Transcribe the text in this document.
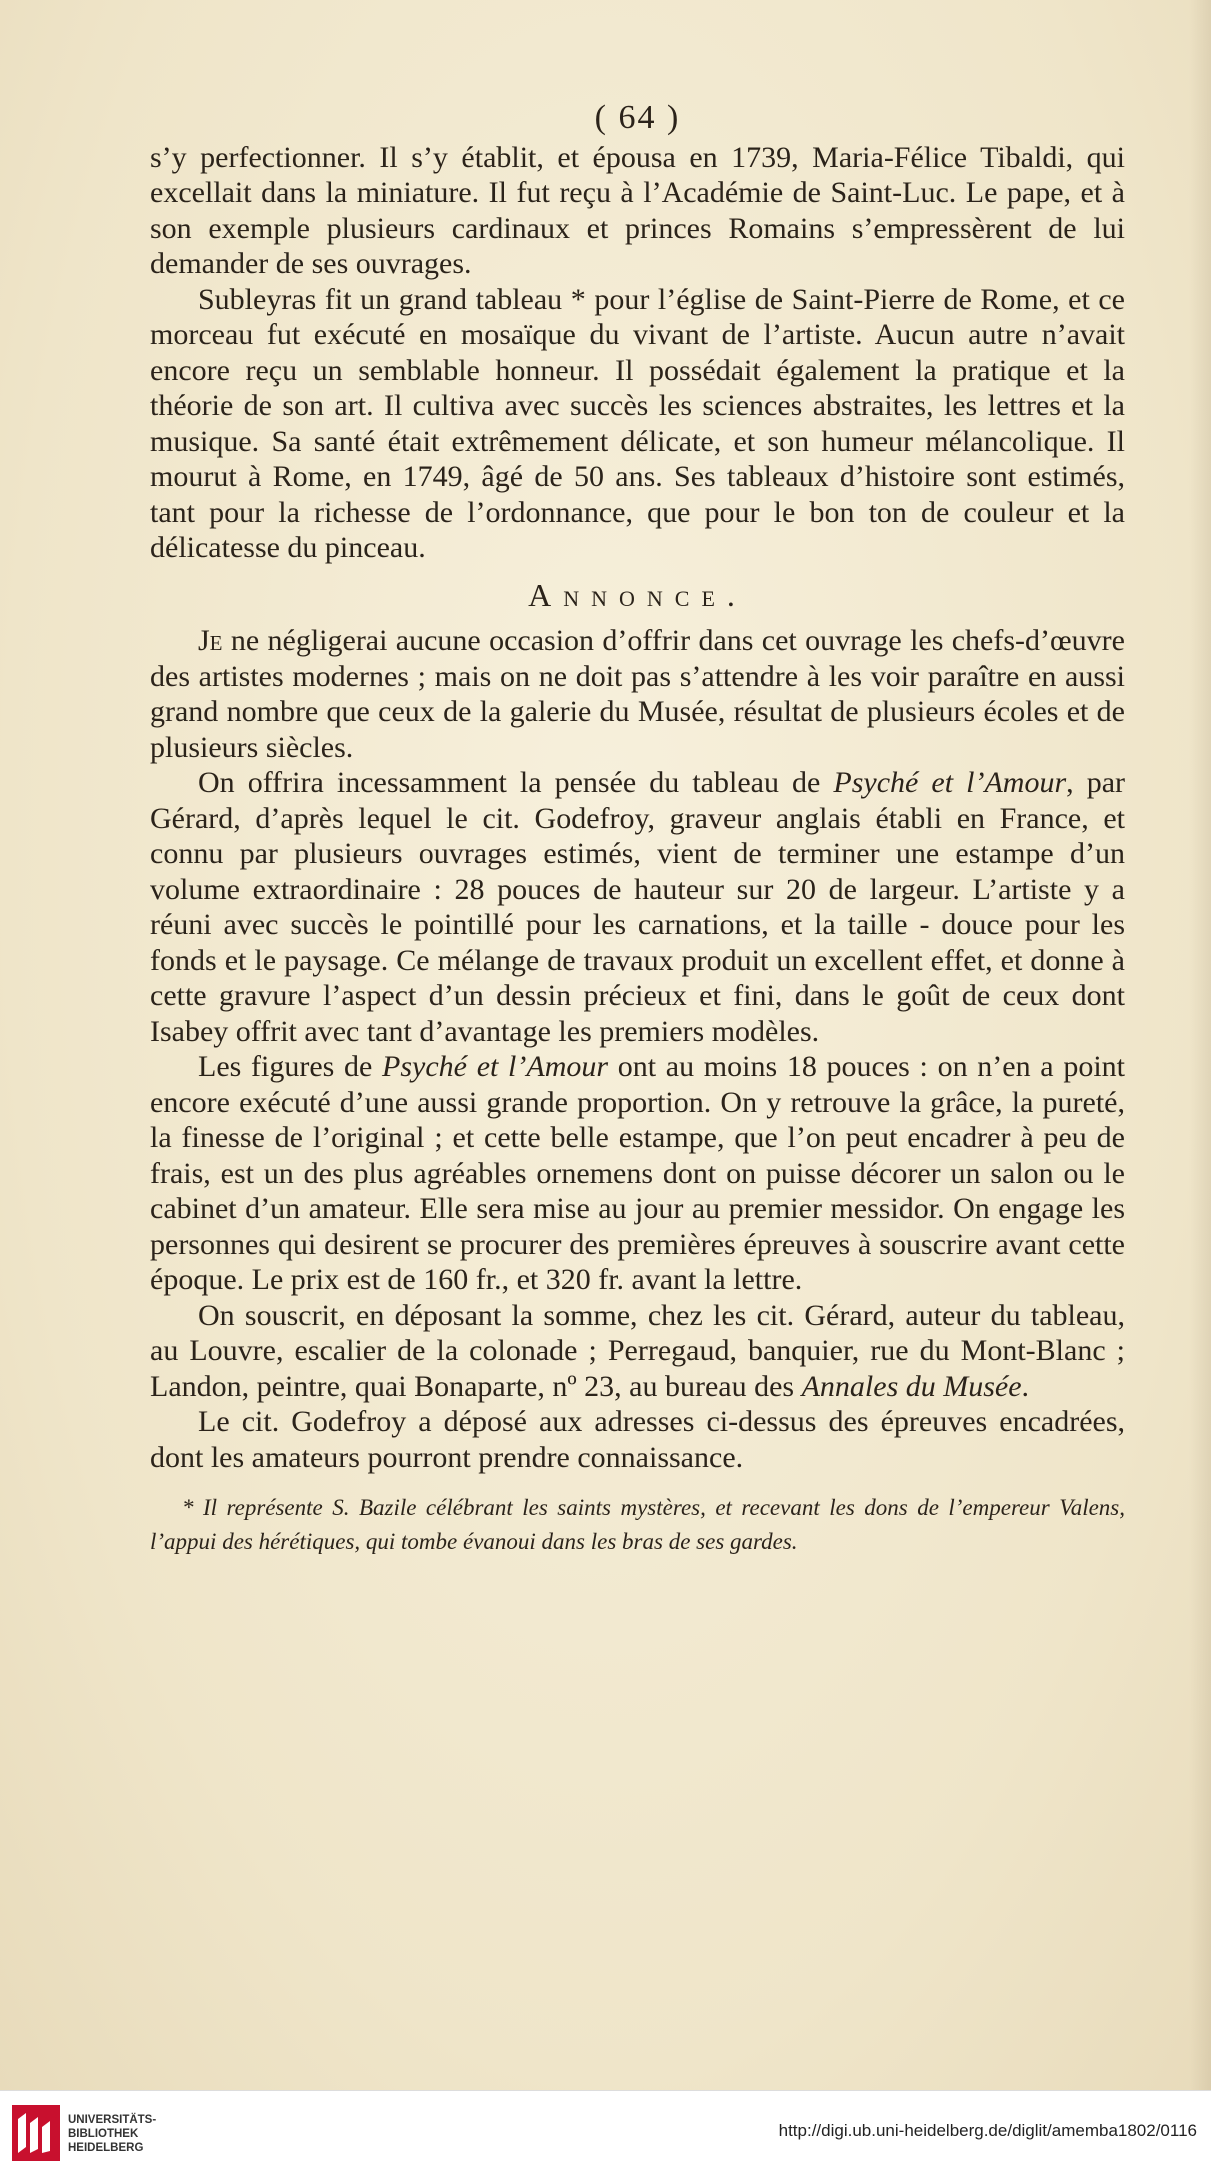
( 64 )

s’y perfectionner. Il s’y établit, et épousa en 1739, Maria-Félice Tibaldi, qui excellait dans la miniature. Il fut reçu à l’Académie de Saint-Luc. Le pape, et à son exemple plusieurs cardinaux et princes Romains s’empressèrent de lui demander de ses ouvrages.

Subleyras fit un grand tableau * pour l’église de Saint-Pierre de Rome, et ce morceau fut exécuté en mosaïque du vivant de l’artiste. Aucun autre n’avait encore reçu un semblable honneur. Il possédait également la pratique et la théorie de son art. Il cultiva avec succès les sciences abstraites, les lettres et la musique. Sa santé était extrêmement délicate, et son humeur mélancolique. Il mourut à Rome, en 1749, âgé de 50 ans. Ses tableaux d’histoire sont estimés, tant pour la richesse de l’ordonnance, que pour le bon ton de couleur et la délicatesse du pinceau.

Annonce.

Je ne négligerai aucune occasion d’offrir dans cet ouvrage les chefs-d’œuvre des artistes modernes ; mais on ne doit pas s’attendre à les voir paraître en aussi grand nombre que ceux de la galerie du Musée, résultat de plusieurs écoles et de plusieurs siècles.

On offrira incessamment la pensée du tableau de Psyché et l’Amour, par Gérard, d’après lequel le cit. Godefroy, graveur anglais établi en France, et connu par plusieurs ouvrages estimés, vient de terminer une estampe d’un volume extraordinaire : 28 pouces de hauteur sur 20 de largeur. L’artiste y a réuni avec succès le pointillé pour les carnations, et la taille - douce pour les fonds et le paysage. Ce mélange de travaux produit un excellent effet, et donne à cette gravure l’aspect d’un dessin précieux et fini, dans le goût de ceux dont Isabey offrit avec tant d’avantage les premiers modèles.

Les figures de Psyché et l’Amour ont au moins 18 pouces : on n’en a point encore exécuté d’une aussi grande proportion. On y retrouve la grâce, la pureté, la finesse de l’original ; et cette belle estampe, que l’on peut encadrer à peu de frais, est un des plus agréables ornemens dont on puisse décorer un salon ou le cabinet d’un amateur. Elle sera mise au jour au premier messidor. On engage les personnes qui desirent se procurer des premières épreuves à souscrire avant cette époque. Le prix est de 160 fr., et 320 fr. avant la lettre.

On souscrit, en déposant la somme, chez les cit. Gérard, auteur du tableau, au Louvre, escalier de la colonade ; Perregaud, banquier, rue du Mont-Blanc ; Landon, peintre, quai Bonaparte, nº 23, au bureau des Annales du Musée.

Le cit. Godefroy a déposé aux adresses ci-dessus des épreuves encadrées, dont les amateurs pourront prendre connaissance.

* Il représente S. Bazile célébrant les saints mystères, et recevant les dons de l’empereur Valens, l’appui des hérétiques, qui tombe évanoui dans les bras de ses gardes.

UNIVERSITÄTS-
BIBLIOTHEK
HEIDELBERG
http://digi.ub.uni-heidelberg.de/diglit/amemba1802/0116
